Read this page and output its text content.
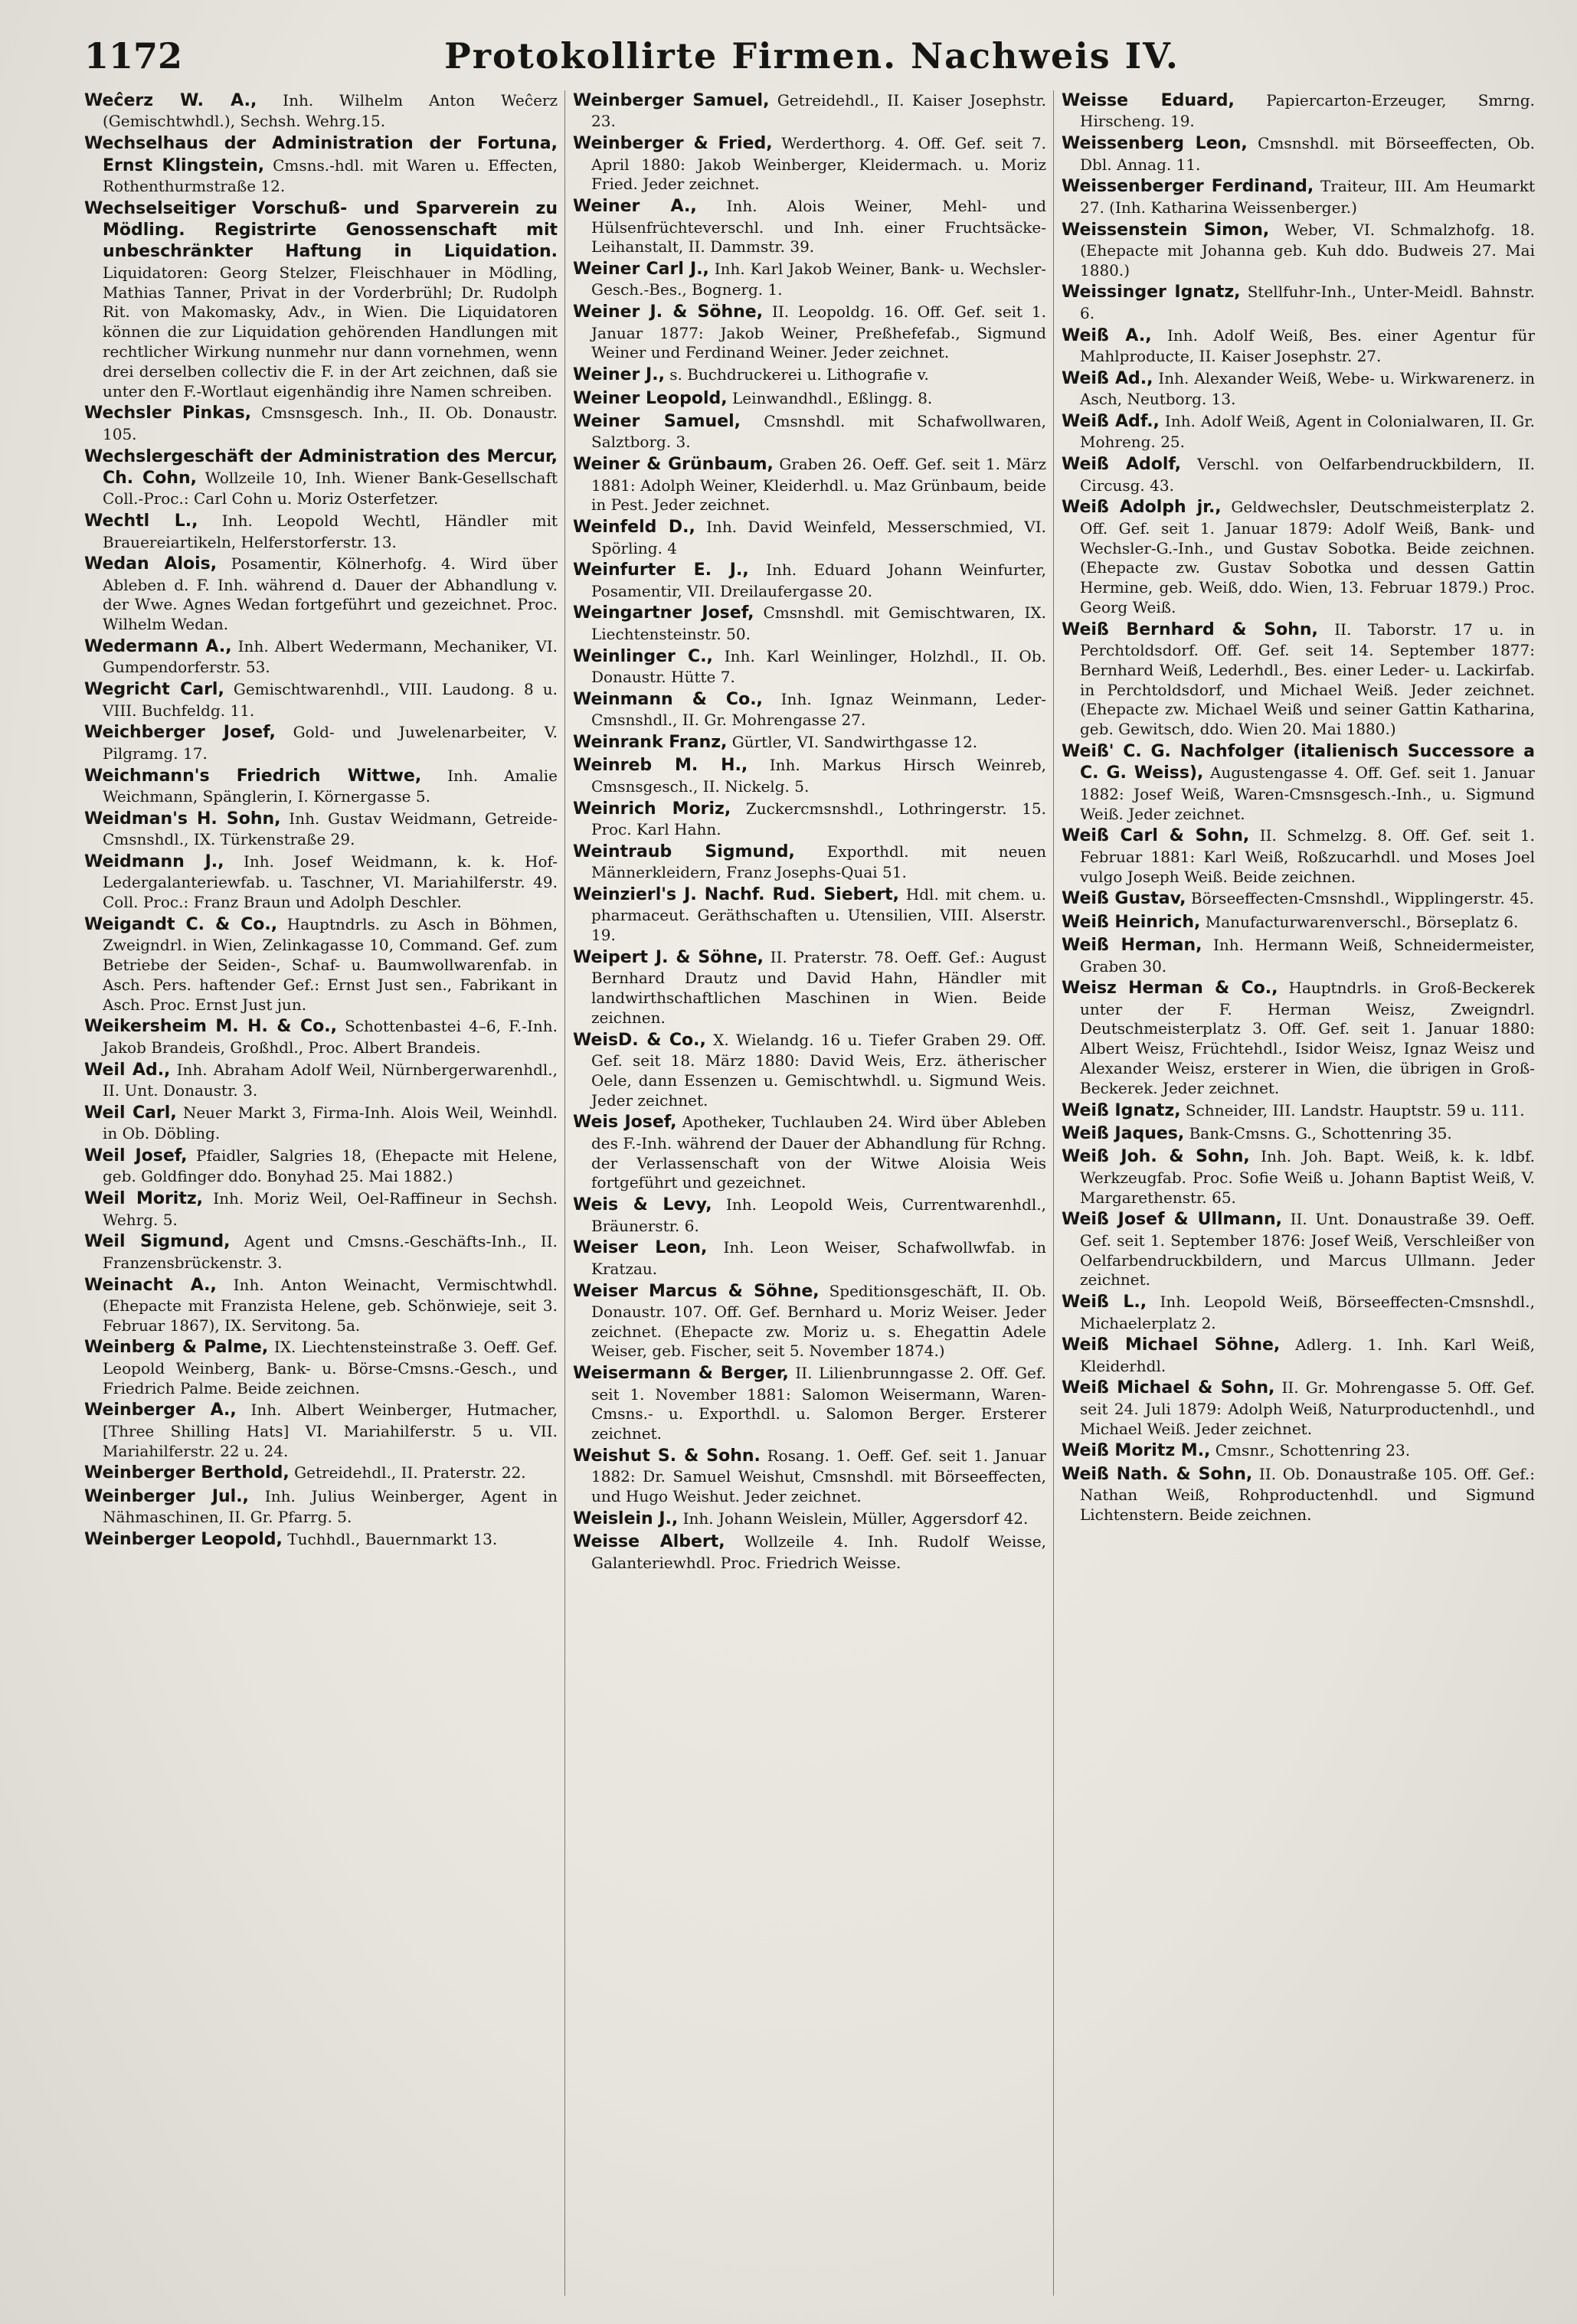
1172	Protokollirte Firmen. Nachweis IV.

Weĉerz W. A., Inh. Wilhelm Anton Weĉerz (Gemischtwhdl.), Sechsh. Wehrg.15.

Wechselhaus der Administration der Fortuna, Ernst Klingstein, Cmsns.-hdl. mit Waren u. Effecten, Rothenthurmstraße 12.

Wechselseitiger Vorschuß- und Sparverein zu Mödling. Registrirte Genossenschaft mit unbeschränkter Haftung in Liquidation. Liquidatoren: Georg Stelzer, Fleischhauer in Mödling, Mathias Tanner, Privat in der Vorderbrühl; Dr. Rudolph Rit. von Makomasky, Adv., in Wien. Die Liquidatoren können die zur Liquidation gehörenden Handlungen mit rechtlicher Wirkung nunmehr nur dann vornehmen, wenn drei derselben collectiv die F. in der Art zeichnen, daß sie unter den F.-Wortlaut eigenhändig ihre Namen schreiben.

Wechsler Pinkas, Cmsnsgesch. Inh., II. Ob. Donaustr. 105.

Wechslergeschäft der Administration des Mercur, Ch. Cohn, Wollzeile 10, Inh. Wiener Bank-Gesellschaft Coll.-Proc.: Carl Cohn u. Moriz Osterfetzer.

Wechtl L., Inh. Leopold Wechtl, Händler mit Brauereiartikeln, Helferstorferstr. 13.

Wedan Alois, Posamentir, Kölnerhofg. 4. Wird über Ableben d. F. Inh. während d. Dauer der Abhandlung v. der Wwe. Agnes Wedan fortgeführt und gezeichnet. Proc. Wilhelm Wedan.

Wedermann A., Inh. Albert Wedermann, Mechaniker, VI. Gumpendorferstr. 53.

Wegricht Carl, Gemischtwarenhdl., VIII. Laudong. 8 u. VIII. Buchfeldg. 11.

Weichberger Josef, Gold- und Juwelenarbeiter, V. Pilgramg. 17.

Weichmann's Friedrich Wittwe, Inh. Amalie Weichmann, Spänglerin, I. Körnergasse 5.

Weidman's H. Sohn, Inh. Gustav Weidmann, Getreide-Cmsnshdl., IX. Türkenstraße 29.

Weidmann J., Inh. Josef Weidmann, k. k. Hof-Ledergalanteriewfab. u. Taschner, VI. Mariahilferstr. 49. Coll. Proc.: Franz Braun und Adolph Deschler.

Weigandt C. & Co., Hauptndrls. zu Asch in Böhmen, Zweigndrl. in Wien, Zelinkagasse 10, Command. Gef. zum Betriebe der Seiden-, Schaf- u. Baumwollwarenfab. in Asch. Pers. haftender Gef.: Ernst Just sen., Fabrikant in Asch. Proc. Ernst Just jun.

Weikersheim M. H. & Co., Schottenbastei 4–6, F.-Inh. Jakob Brandeis, Großhdl., Proc. Albert Brandeis.

Weil Ad., Inh. Abraham Adolf Weil, Nürnbergerwarenhdl., II. Unt. Donaustr. 3.

Weil Carl, Neuer Markt 3, Firma-Inh. Alois Weil, Weinhdl. in Ob. Döbling.

Weil Josef, Pfaidler, Salgries 18, (Ehepacte mit Helene, geb. Goldfinger ddo. Bonyhad 25. Mai 1882.)

Weil Moritz, Inh. Moriz Weil, Oel-Raffineur in Sechsh. Wehrg. 5.

Weil Sigmund, Agent und Cmsns.-Geschäfts-Inh., II. Franzensbrückenstr. 3.

Weinacht A., Inh. Anton Weinacht, Vermischtwhdl. (Ehepacte mit Franzista Helene, geb. Schönwieje, seit 3. Februar 1867), IX. Servitong. 5a.

Weinberg & Palme, IX. Liechtensteinstraße 3. Oeff. Gef. Leopold Weinberg, Bank- u. Börse-Cmsns.-Gesch., und Friedrich Palme. Beide zeichnen.

Weinberger A., Inh. Albert Weinberger, Hutmacher, [Three Shilling Hats] VI. Mariahilferstr. 5 u. VII. Mariahilferstr. 22 u. 24.

Weinberger Berthold, Getreidehdl., II. Praterstr. 22.

Weinberger Jul., Inh. Julius Weinberger, Agent in Nähmaschinen, II. Gr. Pfarrg. 5.

Weinberger Leopold, Tuchhdl., Bauernmarkt 13.

Weinberger Samuel, Getreidehdl., II. Kaiser Josephstr. 23.

Weinberger & Fried, Werderthorg. 4. Off. Gef. seit 7. April 1880: Jakob Weinberger, Kleidermach. u. Moriz Fried. Jeder zeichnet.

Weiner A., Inh. Alois Weiner, Mehl- und Hülsenfrüchteverschl. und Inh. einer Fruchtsäcke-Leihanstalt, II. Dammstr. 39.

Weiner Carl J., Inh. Karl Jakob Weiner, Bank- u. Wechsler-Gesch.-Bes., Bognerg. 1.

Weiner J. & Söhne, II. Leopoldg. 16. Off. Gef. seit 1. Januar 1877: Jakob Weiner, Preßhefefab., Sigmund Weiner und Ferdinand Weiner. Jeder zeichnet.

Weiner J., s. Buchdruckerei u. Lithografie v.

Weiner Leopold, Leinwandhdl., Eßlingg. 8.

Weiner Samuel, Cmsnshdl. mit Schafwollwaren, Salztborg. 3.

Weiner & Grünbaum, Graben 26. Oeff. Gef. seit 1. März 1881: Adolph Weiner, Kleiderhdl. u. Maz Grünbaum, beide in Pest. Jeder zeichnet.

Weinfeld D., Inh. David Weinfeld, Messerschmied, VI. Spörling. 4

Weinfurter E. J., Inh. Eduard Johann Weinfurter, Posamentir, VII. Dreilaufergasse 20.

Weingartner Josef, Cmsnshdl. mit Gemischtwaren, IX. Liechtensteinstr. 50.

Weinlinger C., Inh. Karl Weinlinger, Holzhdl., II. Ob. Donaustr. Hütte 7.

Weinmann & Co., Inh. Ignaz Weinmann, Leder-Cmsnshdl., II. Gr. Mohrengasse 27.

Weinrank Franz, Gürtler, VI. Sandwirthgasse 12.

Weinreb M. H., Inh. Markus Hirsch Weinreb, Cmsnsgesch., II. Nickelg. 5.

Weinrich Moriz, Zuckercmsnshdl., Lothringerstr. 15. Proc. Karl Hahn.

Weintraub Sigmund, Exporthdl. mit neuen Männerkleidern, Franz Josephs-Quai 51.

Weinzierl's J. Nachf. Rud. Siebert, Hdl. mit chem. u. pharmaceut. Geräthschaften u. Utensilien, VIII. Alserstr. 19.

Weipert J. & Söhne, II. Praterstr. 78. Oeff. Gef.: August Bernhard Drautz und David Hahn, Händler mit landwirthschaftlichen Maschinen in Wien. Beide zeichnen.

WeisD. & Co., X. Wielandg. 16 u. Tiefer Graben 29. Off. Gef. seit 18. März 1880: David Weis, Erz. ätherischer Oele, dann Essenzen u. Gemischtwhdl. u. Sigmund Weis. Jeder zeichnet.

Weis Josef, Apotheker, Tuchlauben 24. Wird über Ableben des F.-Inh. während der Dauer der Abhandlung für Rchng. der Verlassenschaft von der Witwe Aloisia Weis fortgeführt und gezeichnet.

Weis & Levy, Inh. Leopold Weis, Currentwarenhdl., Bräunerstr. 6.

Weiser Leon, Inh. Leon Weiser, Schafwollwfab. in Kratzau.

Weiser Marcus & Söhne, Speditionsgeschäft, II. Ob. Donaustr. 107. Off. Gef. Bernhard u. Moriz Weiser. Jeder zeichnet. (Ehepacte zw. Moriz u. s. Ehegattin Adele Weiser, geb. Fischer, seit 5. November 1874.)

Weisermann & Berger, II. Lilienbrunngasse 2. Off. Gef. seit 1. November 1881: Salomon Weisermann, Waren-Cmsns.- u. Exporthdl. u. Salomon Berger. Ersterer zeichnet.

Weishut S. & Sohn. Rosang. 1. Oeff. Gef. seit 1. Januar 1882: Dr. Samuel Weishut, Cmsnshdl. mit Börseeffecten, und Hugo Weishut. Jeder zeichnet.

Weislein J., Inh. Johann Weislein, Müller, Aggersdorf 42.

Weisse Albert, Wollzeile 4. Inh. Rudolf Weisse, Galanteriewhdl. Proc. Friedrich Weisse.

Weisse Eduard, Papiercarton-Erzeuger, Smrng. Hirscheng. 19.

Weissenberg Leon, Cmsnshdl. mit Börseeffecten, Ob. Dbl. Annag. 11.

Weissenberger Ferdinand, Traiteur, III. Am Heumarkt 27. (Inh. Katharina Weissenberger.)

Weissenstein Simon, Weber, VI. Schmalzhofg. 18. (Ehepacte mit Johanna geb. Kuh ddo. Budweis 27. Mai 1880.)

Weissinger Ignatz, Stellfuhr-Inh., Unter-Meidl. Bahnstr. 6.

Weiß A., Inh. Adolf Weiß, Bes. einer Agentur für Mahlproducte, II. Kaiser Josephstr. 27.

Weiß Ad., Inh. Alexander Weiß, Webe- u. Wirkwarenerz. in Asch, Neutborg. 13.

Weiß Adf., Inh. Adolf Weiß, Agent in Colonialwaren, II. Gr. Mohreng. 25.

Weiß Adolf, Verschl. von Oelfarbendruckbildern, II. Circusg. 43.

Weiß Adolph jr., Geldwechsler, Deutschmeisterplatz 2. Off. Gef. seit 1. Januar 1879: Adolf Weiß, Bank- und Wechsler-G.-Inh., und Gustav Sobotka. Beide zeichnen. (Ehepacte zw. Gustav Sobotka und dessen Gattin Hermine, geb. Weiß, ddo. Wien, 13. Februar 1879.) Proc. Georg Weiß.

Weiß Bernhard & Sohn, II. Taborstr. 17 u. in Perchtoldsdorf. Off. Gef. seit 14. September 1877: Bernhard Weiß, Lederhdl., Bes. einer Leder- u. Lackirfab. in Perchtoldsdorf, und Michael Weiß. Jeder zeichnet. (Ehepacte zw. Michael Weiß und seiner Gattin Katharina, geb. Gewitsch, ddo. Wien 20. Mai 1880.)

Weiß' C. G. Nachfolger (italienisch Successore a C. G. Weiss), Augustengasse 4. Off. Gef. seit 1. Januar 1882: Josef Weiß, Waren-Cmsnsgesch.-Inh., u. Sigmund Weiß. Jeder zeichnet.

Weiß Carl & Sohn, II. Schmelzg. 8. Off. Gef. seit 1. Februar 1881: Karl Weiß, Roßzucarhdl. und Moses Joel vulgo Joseph Weiß. Beide zeichnen.

Weiß Gustav, Börseeffecten-Cmsnshdl., Wipplingerstr. 45.

Weiß Heinrich, Manufacturwarenverschl., Börseplatz 6.

Weiß Herman, Inh. Hermann Weiß, Schneidermeister, Graben 30.

Weisz Herman & Co., Hauptndrls. in Groß-Beckerek unter der F. Herman Weisz, Zweigndrl. Deutschmeisterplatz 3. Off. Gef. seit 1. Januar 1880: Albert Weisz, Früchtehdl., Isidor Weisz, Ignaz Weisz und Alexander Weisz, ersterer in Wien, die übrigen in Groß-Beckerek. Jeder zeichnet.

Weiß Ignatz, Schneider, III. Landstr. Hauptstr. 59 u. 111.

Weiß Jaques, Bank-Cmsns. G., Schottenring 35.

Weiß Joh. & Sohn, Inh. Joh. Bapt. Weiß, k. k. ldbf. Werkzeugfab. Proc. Sofie Weiß u. Johann Baptist Weiß, V. Margarethenstr. 65.

Weiß Josef & Ullmann, II. Unt. Donaustraße 39. Oeff. Gef. seit 1. September 1876: Josef Weiß, Verschleißer von Oelfarbendruckbildern, und Marcus Ullmann. Jeder zeichnet.

Weiß L., Inh. Leopold Weiß, Börseeffecten-Cmsnshdl., Michaelerplatz 2.

Weiß Michael Söhne, Adlerg. 1. Inh. Karl Weiß, Kleiderhdl.

Weiß Michael & Sohn, II. Gr. Mohrengasse 5. Off. Gef. seit 24. Juli 1879: Adolph Weiß, Naturproductenhdl., und Michael Weiß. Jeder zeichnet.

Weiß Moritz M., Cmsnr., Schottenring 23.

Weiß Nath. & Sohn, II. Ob. Donaustraße 105. Off. Gef.: Nathan Weiß, Rohproductenhdl. und Sigmund Lichtenstern. Beide zeichnen.
